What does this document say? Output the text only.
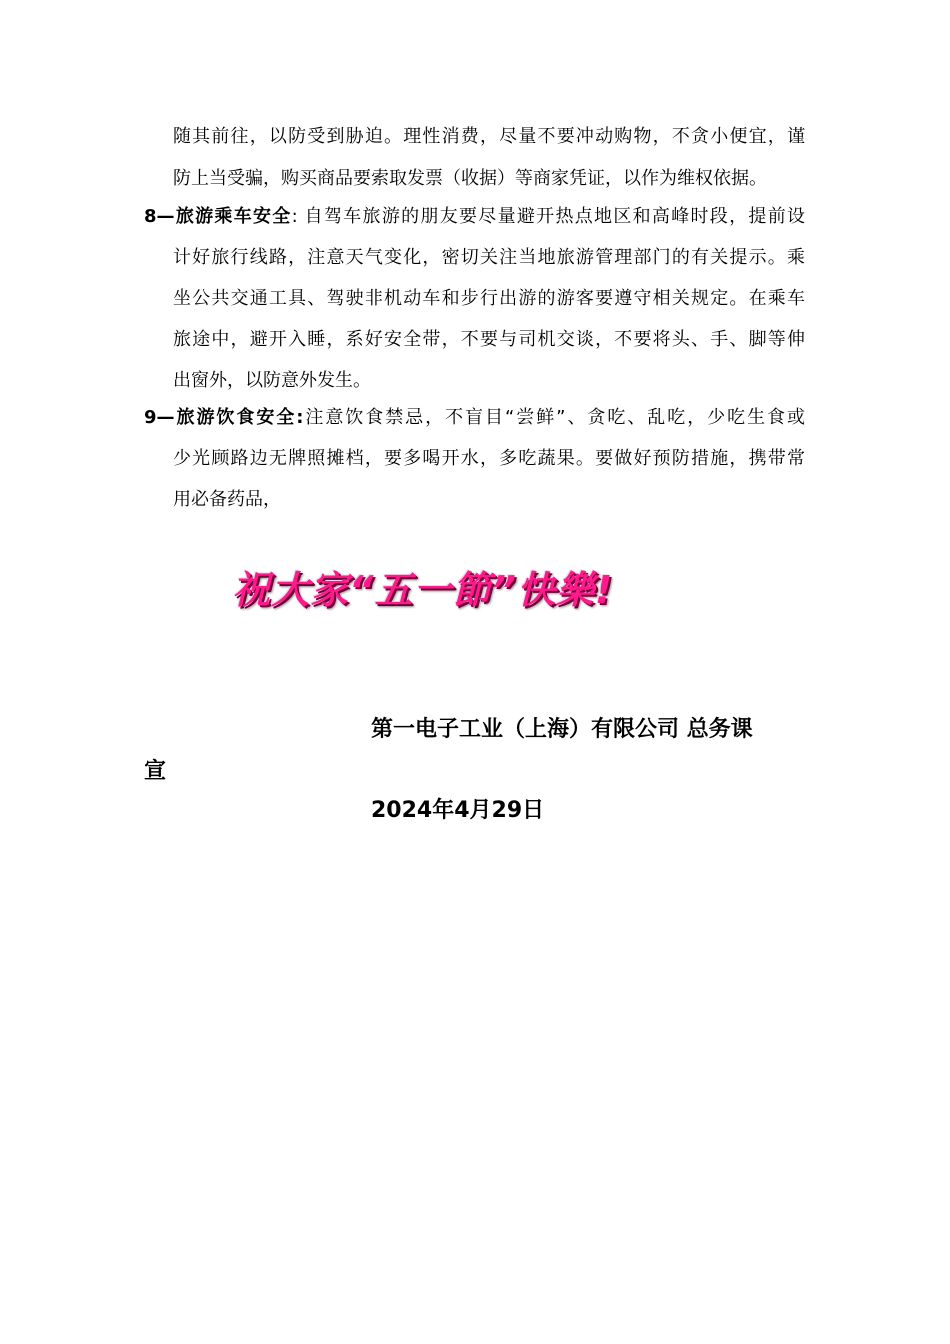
随其前往，以防受到胁迫。理性消费，尽量不要冲动购物，不贪小便宜，谨
防上当受骗，购买商品要索取发票（收据）等商家凭证，以作为维权依据。
8—旅游乘车安全: 自驾车旅游的朋友要尽量避开热点地区和高峰时段，提前设
计好旅行线路，注意天气变化，密切关注当地旅游管理部门的有关提示。乘
坐公共交通工具、驾驶非机动车和步行出游的游客要遵守相关规定。在乘车
旅途中，避开入睡，系好安全带，不要与司机交谈，不要将头、手、脚等伸
出窗外，以防意外发生。
9—旅游饮食安全:注意饮食禁忌，不盲目“尝鲜”、贪吃、乱吃，少吃生食或
少光顾路边无牌照摊档，要多喝开水，多吃蔬果。要做好预防措施，携带常
用必备药品，
祝大家“五一節”快樂!
第一电子工业（上海）有限公司 总务课
宣
2024年4月29日
